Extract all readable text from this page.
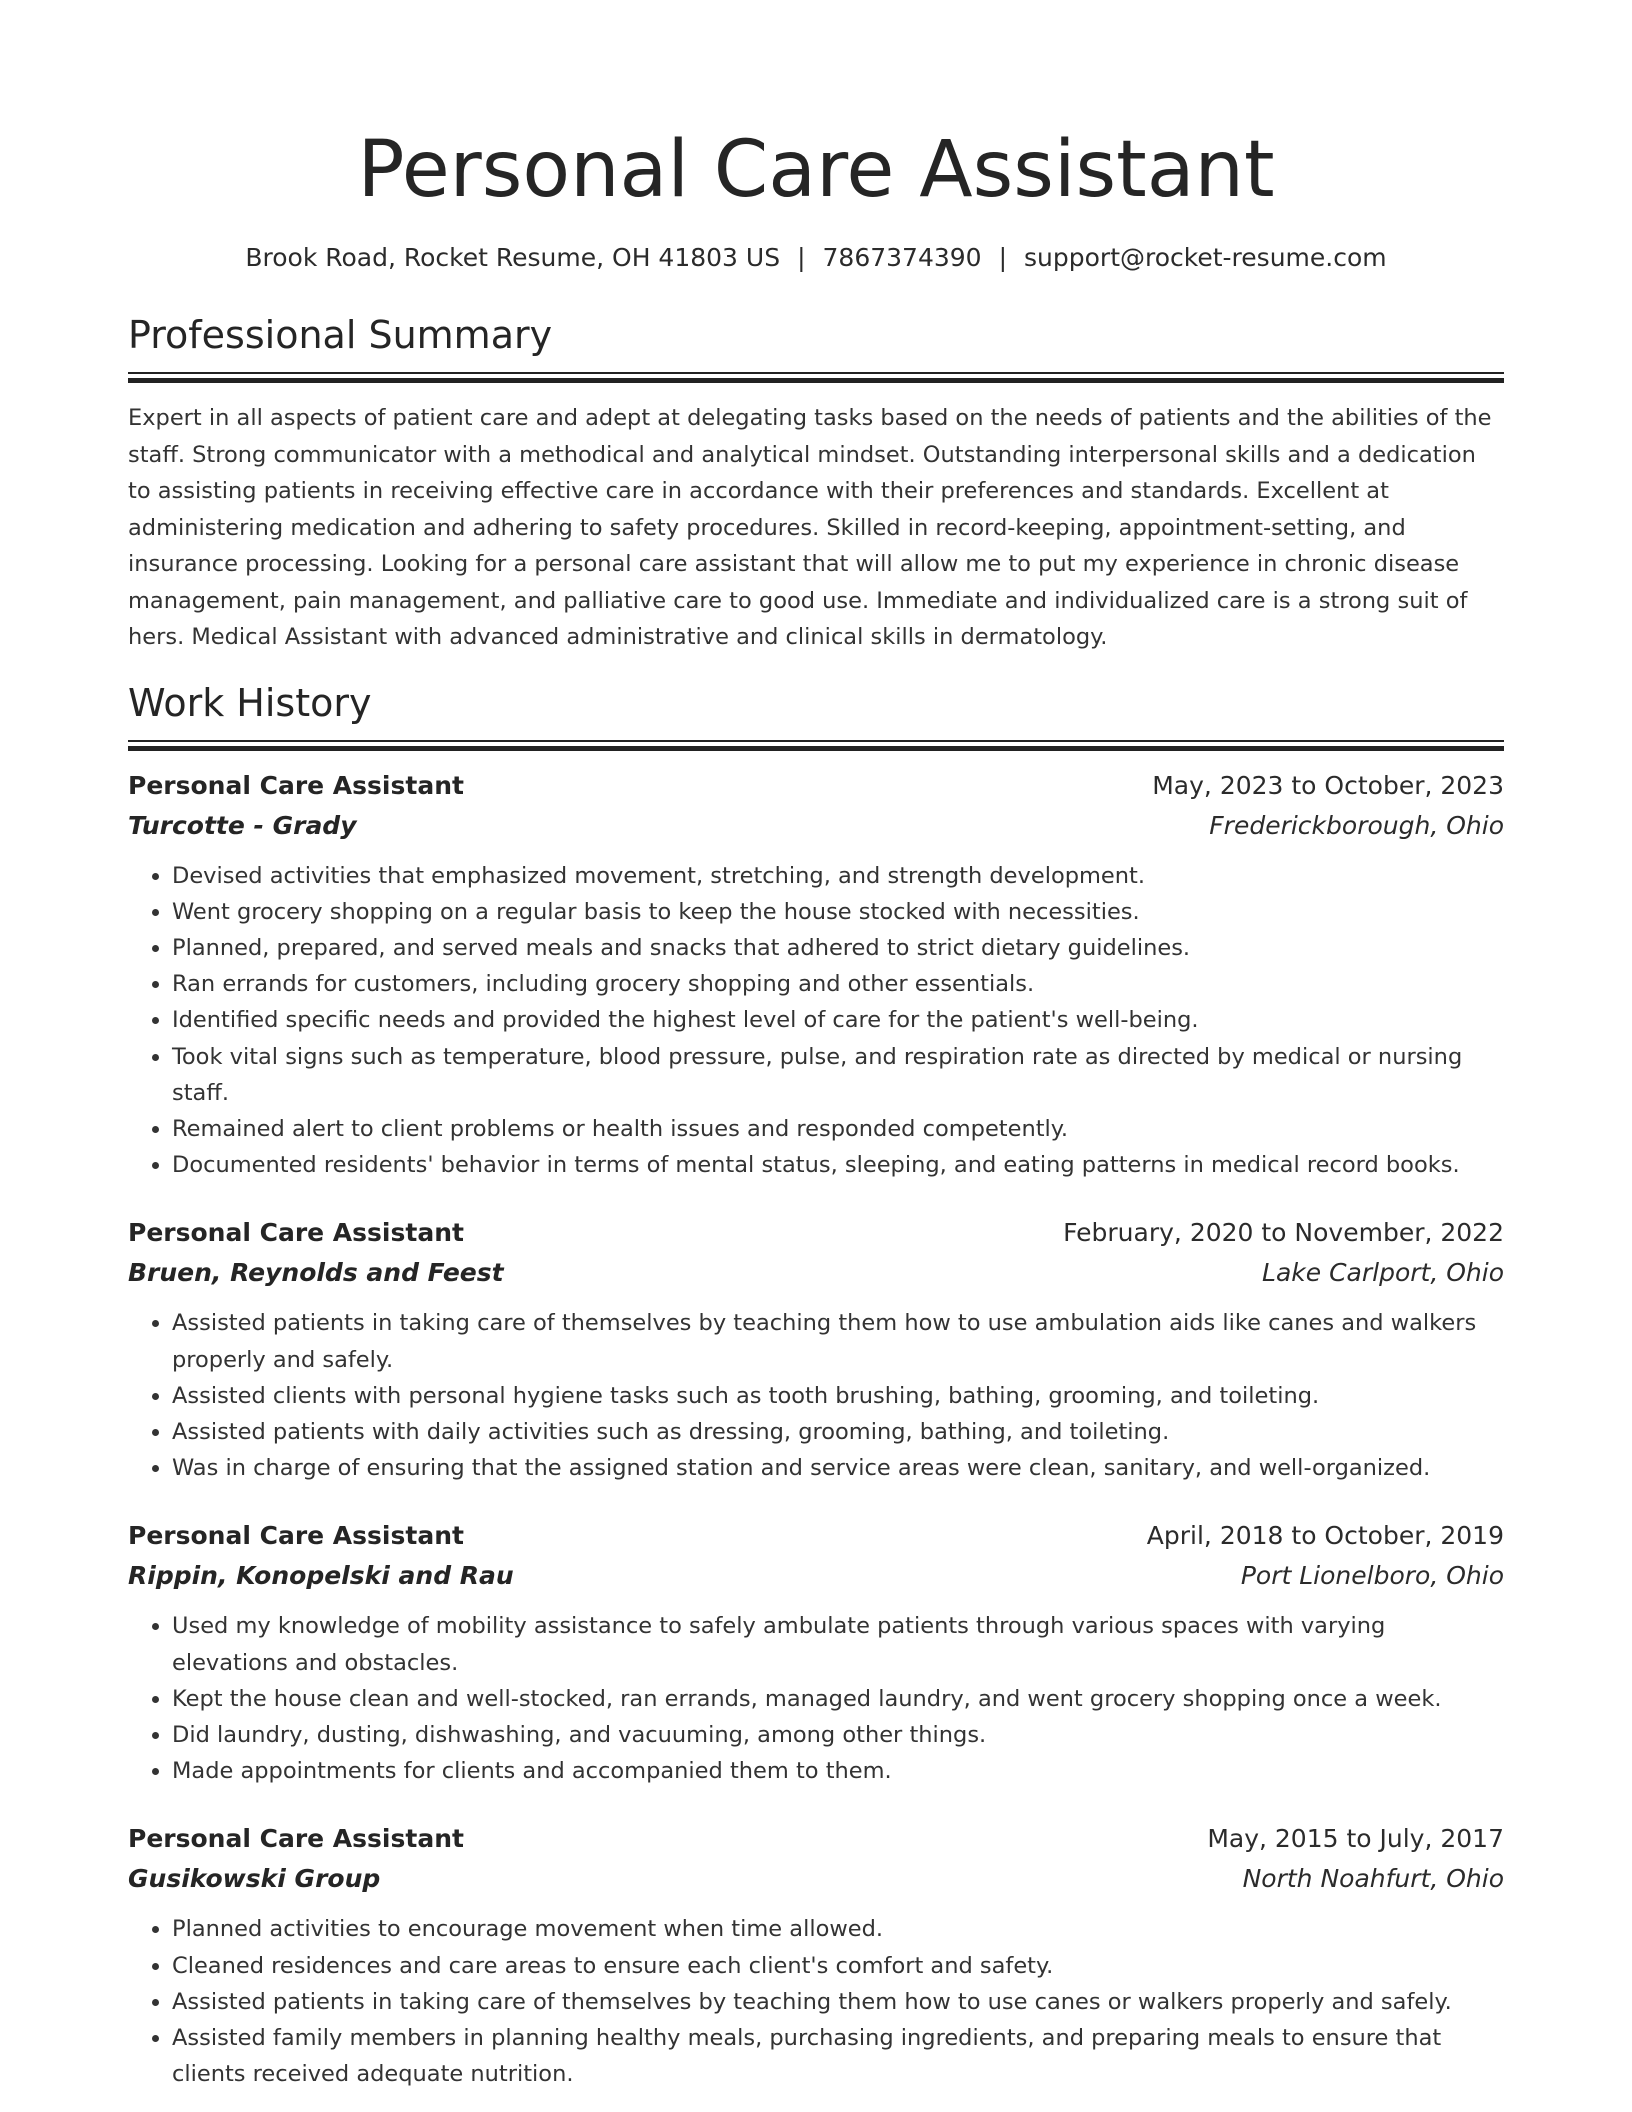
Personal Care Assistant
Brook Road, Rocket Resume, OH 41803 US | 7867374390 | support@rocket-resume.com
Professional Summary

Expert in all aspects of patient care and adept at delegating tasks based on the needs of patients and the abilities of the staff. Strong communicator with a methodical and analytical mindset. Outstanding interpersonal skills and a dedication to assisting patients in receiving effective care in accordance with their preferences and standards. Excellent at administering medication and adhering to safety procedures. Skilled in record-keeping, appointment-setting, and insurance processing. Looking for a personal care assistant that will allow me to put my experience in chronic disease management, pain management, and palliative care to good use. Immediate and individualized care is a strong suit of hers. Medical Assistant with advanced administrative and clinical skills in dermatology.

Work History
Personal Care Assistant	May, 2023 to October, 2023
Turcotte - Grady	Frederickborough, Ohio
• Devised activities that emphasized movement, stretching, and strength development.
• Went grocery shopping on a regular basis to keep the house stocked with necessities.
• Planned, prepared, and served meals and snacks that adhered to strict dietary guidelines.
• Ran errands for customers, including grocery shopping and other essentials.
• Identified specific needs and provided the highest level of care for the patient's well-being.
• Took vital signs such as temperature, blood pressure, pulse, and respiration rate as directed by medical or nursing staff.
• Remained alert to client problems or health issues and responded competently.
• Documented residents' behavior in terms of mental status, sleeping, and eating patterns in medical record books.
Personal Care Assistant	February, 2020 to November, 2022
Bruen, Reynolds and Feest	Lake Carlport, Ohio
• Assisted patients in taking care of themselves by teaching them how to use ambulation aids like canes and walkers properly and safely.
• Assisted clients with personal hygiene tasks such as tooth brushing, bathing, grooming, and toileting.
• Assisted patients with daily activities such as dressing, grooming, bathing, and toileting.
• Was in charge of ensuring that the assigned station and service areas were clean, sanitary, and well-organized.
Personal Care Assistant	April, 2018 to October, 2019
Rippin, Konopelski and Rau	Port Lionelboro, Ohio
• Used my knowledge of mobility assistance to safely ambulate patients through various spaces with varying elevations and obstacles.
• Kept the house clean and well-stocked, ran errands, managed laundry, and went grocery shopping once a week.
• Did laundry, dusting, dishwashing, and vacuuming, among other things.
• Made appointments for clients and accompanied them to them.
Personal Care Assistant	May, 2015 to July, 2017
Gusikowski Group	North Noahfurt, Ohio
• Planned activities to encourage movement when time allowed.
• Cleaned residences and care areas to ensure each client's comfort and safety.
• Assisted patients in taking care of themselves by teaching them how to use canes or walkers properly and safely.
• Assisted family members in planning healthy meals, purchasing ingredients, and preparing meals to ensure that clients received adequate nutrition.
